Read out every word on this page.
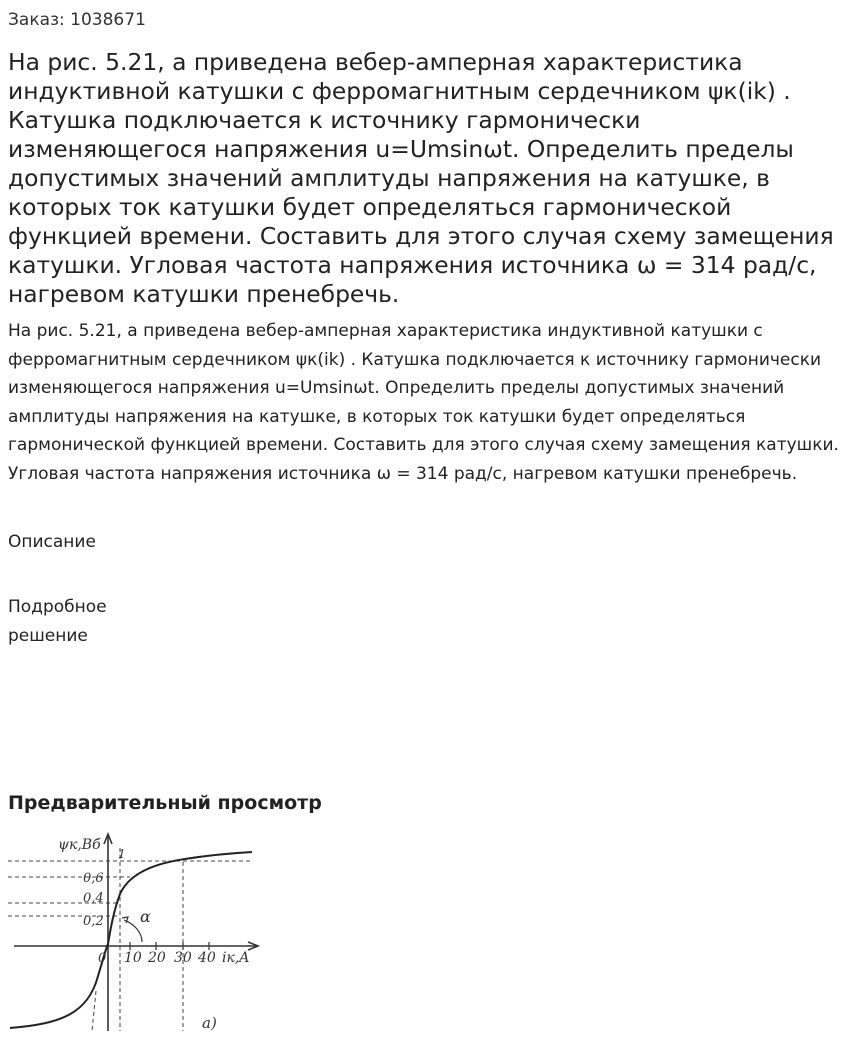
Заказ: 1038671
На рис. 5.21, а приведена вебер-амперная характеристика индуктивной катушки с ферромагнитным сердечником ψк(ik) . Катушка подключается к источнику гармонически изменяющегося напряжения u=Umsinωt. Определить пределы допустимых значений амплитуды напряжения на катушке, в которых ток катушки будет определяться гармонической функцией времени. Составить для этого случая схему замещения катушки. Угловая частота напряжения источника ω = 314 рад/с, нагревом катушки пренебречь.
На рис. 5.21, а приведена вебер-амперная характеристика индуктивной катушки с ферромагнитным сердечником ψк(ik) . Катушка подключается к источнику гармонически изменяющегося напряжения u=Umsinωt. Определить пределы допустимых значений амплитуды напряжения на катушке, в которых ток катушки будет определяться гармонической функцией времени. Составить для этого случая схему замещения катушки. Угловая частота напряжения источника ω = 314 рад/с, нагревом катушки пренебречь.
Описание
Подробное
решение
Предварительный просмотр
ψк,Вб
1
0,6
0,4
0,2
0 10 20 30 40 iк,A
α
а)
